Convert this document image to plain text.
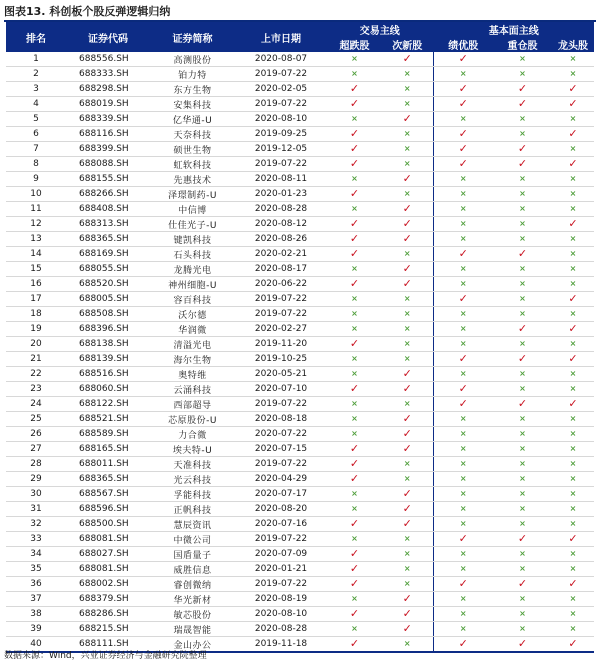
图表13. 科创板个股反弹逻辑归纳
排名	证券代码	证券简称	上市日期	交易主线		基本面主线		
				超跌股	次新股	绩优股	重仓股	龙头股
1	688556.SH	高测股份	2020-08-07	×	✓	✓	×	×
2	688333.SH	铂力特	2019-07-22	×	×	×	×	×
3	688298.SH	东方生物	2020-02-05	✓	×	✓	✓	✓
4	688019.SH	安集科技	2019-07-22	✓	×	✓	✓	✓
5	688339.SH	亿华通-U	2020-08-10	×	✓	×	×	×
6	688116.SH	天奈科技	2019-09-25	✓	×	✓	×	✓
7	688399.SH	硕世生物	2019-12-05	✓	×	✓	✓	×
8	688088.SH	虹软科技	2019-07-22	✓	×	✓	✓	✓
9	688155.SH	先惠技术	2020-08-11	×	✓	×	×	×
10	688266.SH	泽璟制药-U	2020-01-23	✓	×	×	×	×
11	688408.SH	中信博	2020-08-28	×	✓	×	×	×
12	688313.SH	仕佳光子-U	2020-08-12	✓	✓	×	×	✓
13	688365.SH	键凯科技	2020-08-26	✓	✓	×	×	×
14	688169.SH	石头科技	2020-02-21	✓	×	✓	✓	×
15	688055.SH	龙腾光电	2020-08-17	×	✓	×	×	×
16	688520.SH	神州细胞-U	2020-06-22	✓	✓	×	×	×
17	688005.SH	容百科技	2019-07-22	×	×	✓	×	✓
18	688508.SH	沃尔德	2019-07-22	×	×	×	×	×
19	688396.SH	华润微	2020-02-27	×	×	×	✓	✓
20	688138.SH	清溢光电	2019-11-20	✓	×	×	×	×
21	688139.SH	海尔生物	2019-10-25	×	×	✓	✓	✓
22	688516.SH	奥特维	2020-05-21	×	✓	×	×	×
23	688060.SH	云涌科技	2020-07-10	✓	✓	✓	×	×
24	688122.SH	西部超导	2019-07-22	×	×	✓	✓	✓
25	688521.SH	芯原股份-U	2020-08-18	×	✓	×	×	×
26	688589.SH	力合微	2020-07-22	×	✓	×	×	×
27	688165.SH	埃夫特-U	2020-07-15	✓	✓	×	×	×
28	688011.SH	天准科技	2019-07-22	✓	×	×	×	×
29	688365.SH	光云科技	2020-04-29	✓	×	×	×	×
30	688567.SH	孚能科技	2020-07-17	×	✓	×	×	×
31	688596.SH	正帆科技	2020-08-20	×	✓	×	×	×
32	688500.SH	慧辰资讯	2020-07-16	✓	✓	×	×	×
33	688081.SH	中微公司	2019-07-22	×	×	✓	✓	✓
34	688027.SH	国盾量子	2020-07-09	✓	×	×	×	×
35	688081.SH	威胜信息	2020-01-21	✓	×	×	×	×
36	688002.SH	睿创微纳	2019-07-22	✓	×	✓	✓	✓
37	688379.SH	华光新材	2020-08-19	×	✓	×	×	×
38	688286.SH	敏芯股份	2020-08-10	✓	✓	×	×	×
39	688215.SH	瑞晟智能	2020-08-28	×	✓	×	×	×
40	688111.SH	金山办公	2019-11-18	✓	×	✓	✓	✓
数据来源：Wind，兴业证券经济与金融研究院整理
